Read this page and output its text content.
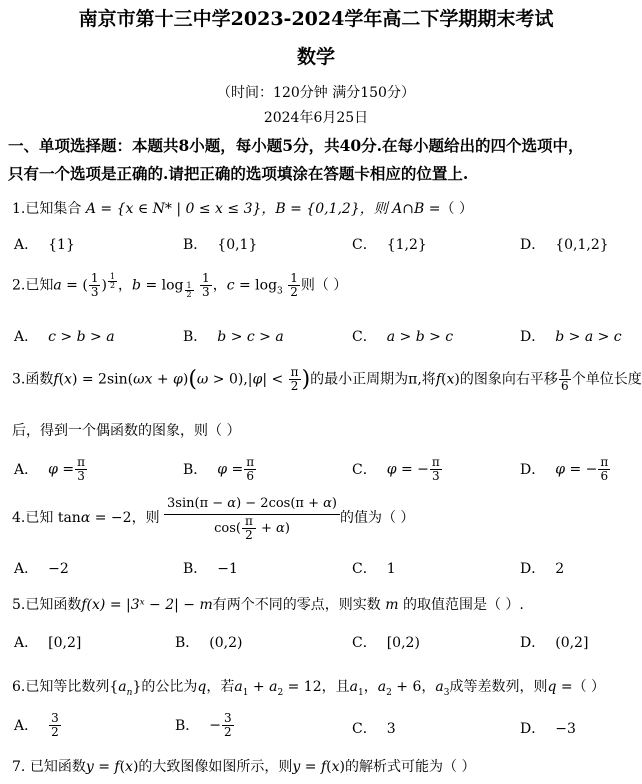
南京市第十三中学2023-2024学年高二下学期期末考试
数学
（时间：120分钟 满分150分）
2024年6月25日
一、单项选择题：本题共8小题，每小题5分，共40分.在每小题给出的四个选项中，
只有一个选项是正确的.请把正确的选项填涂在答题卡相应的位置上.
1.已知集合 A = {x ∈ N* | 0 ≤ x ≤ 3}，B = {0,1,2}，则 A∩B =（ ）
A． {1}	B． {0,1}	C． {1,2}	D． {0,1,2}
2.已知a = ( $\frac{1}{3}$ ) $^{\frac{1}{2}}$ ，b = log $_{\frac{1}{2}}$
$\frac{1}{3}$ ，$c = \log_3 \frac{1}{2}$ 则（ ）
A． c > b > a	B． b > c > a	C． a > b > c	D． b > a > c
3.函数$f(x) = 2\sin(\omega x + \varphi)(\omega > 0),|\varphi| < \frac{\pi}{2}$ )的最小正周期为π,将f(x)的图象向右平移 $\frac{\pi}{6}$ 个单位长度
后，得到一个偶函数的图象，则（ ）
A． $\varphi = \frac{\pi}{3}$	B． $\varphi = \frac{\pi}{6}$	C． φ = − $\frac{\pi}{3}$	D． φ = − $\frac{\pi}{6}$
4.已知 tanα = −2，则 $\frac{3\sin(\pi - \alpha) - 2\cos(\pi + \alpha)}{\cos( \frac{\pi}{2} + \alpha)}$ 的值为（ ）
A． −2	B． −1	C． 1	D． 2
5.已知函数f(x) = |3ˣ − 2| − m有两个不同的零点，则实数 m 的取值范围是（ ）.
A． [0,2]	B． (0,2)	C． [0,2)	D． (0,2]
6.已知等比数列$\{a_n\}$的公比为q，若$a_1 + a_2 = 12$，且$a_1$，$a_2 + 6$，$a_3$成等差数列，则q =（ ）
A． $\frac{3}{2}$	B． − $\frac{3}{2}$	C． 3	D． −3
7. 已知函数y = f(x)的大致图像如图所示，则y = f(x)的解析式可能为（ ）
